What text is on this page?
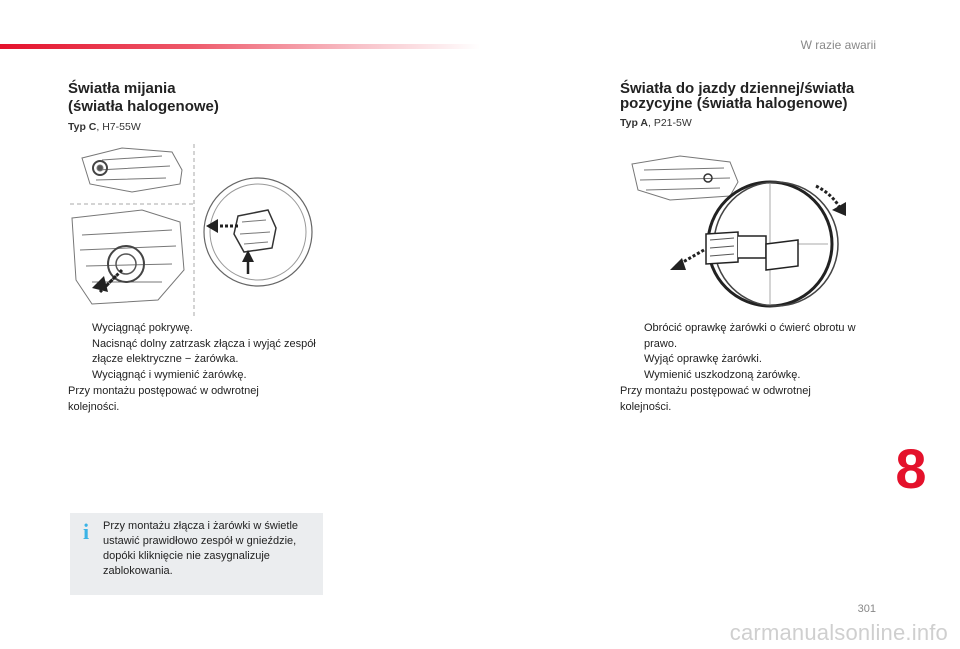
W razie awarii
Światła mijania
(światła halogenowe)
Typ C, H7-55W
Wyciągnąć pokrywę.
Nacisnąć dolny zatrzask złącza i wyjąć zespół złącze elektryczne − żarówka.
Wyciągnąć i wymienić żarówkę.

Przy montażu postępować w odwrotnej kolejności.

i Przy montażu złącza i żarówki w świetle ustawić prawidłowo zespół w gnieździe, dopóki kliknięcie nie zasygnalizuje zablokowania.

Światła do jazdy dziennej/światła
pozycyjne (światła halogenowe)
Typ A, P21-5W
Obrócić oprawkę żarówki o ćwierć obrotu w prawo.
Wyjąć oprawkę żarówki.
Wymienić uszkodzoną żarówkę.

Przy montażu postępować w odwrotnej kolejności.

8
301
carmanualsonline.info
